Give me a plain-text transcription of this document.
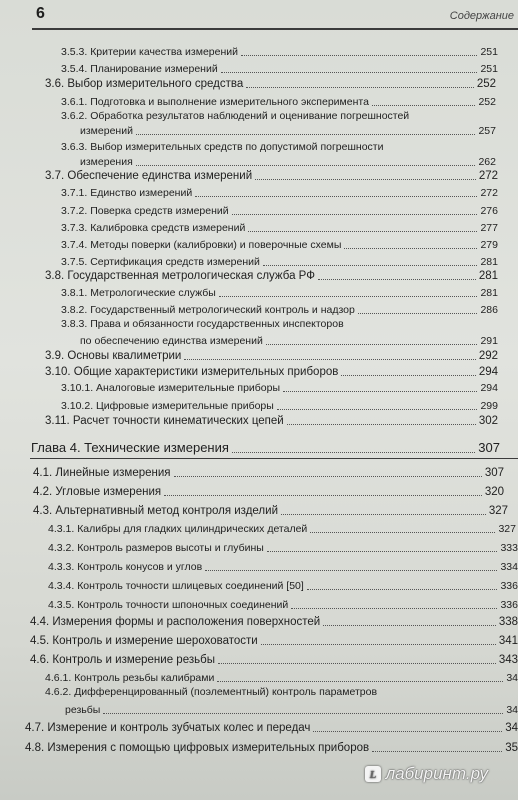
6	Содержание
3.5.3. Критерии качества измерений	251
3.5.4. Планирование измерений	251
3.6. Выбор измерительного средства	252
3.6.1. Подготовка и выполнение измерительного эксперимента	252
3.6.2. Обработка результатов наблюдений и оценивание погрешностей
измерений	257
3.6.3. Выбор измерительных средств по допустимой погрешности
измерения	262
3.7. Обеспечение единства измерений	272
3.7.1. Единство измерений	272
3.7.2. Поверка средств измерений	276
3.7.3. Калибровка средств измерений	277
3.7.4. Методы поверки (калибровки) и поверочные схемы	279
3.7.5. Сертификация средств измерений	281
3.8. Государственная метрологическая служба РФ	281
3.8.1. Метрологические службы	281
3.8.2. Государственный метрологический контроль и надзор	286
3.8.3. Права и обязанности государственных инспекторов
по обеспечению единства измерений	291
3.9. Основы квалиметрии	292
3.10. Общие характеристики измерительных приборов	294
3.10.1. Аналоговые измерительные приборы	294
3.10.2. Цифровые измерительные приборы	299
3.11. Расчет точности кинематических цепей	302
Глава 4. Технические измерения	307
4.1. Линейные измерения	307
4.2. Угловые измерения	320
4.3. Альтернативный метод контроля изделий	327
4.3.1. Калибры для гладких цилиндрических деталей	327
4.3.2. Контроль размеров высоты и глубины	333
4.3.3. Контроль конусов и углов	334
4.3.4. Контроль точности шлицевых соединений [50]	336
4.3.5. Контроль точности шпоночных соединений	336
4.4. Измерения формы и расположения поверхностей	338
4.5. Контроль и измерение шероховатости	341
4.6. Контроль и измерение резьбы	343
4.6.1. Контроль резьбы калибрами	34
4.6.2. Дифференцированный (поэлементный) контроль параметров
резьбы	34
4.7. Измерение и контроль зубчатых колес и передач	34
4.8. Измерения с помощью цифровых измерительных приборов	35
L лабиринт.ру
